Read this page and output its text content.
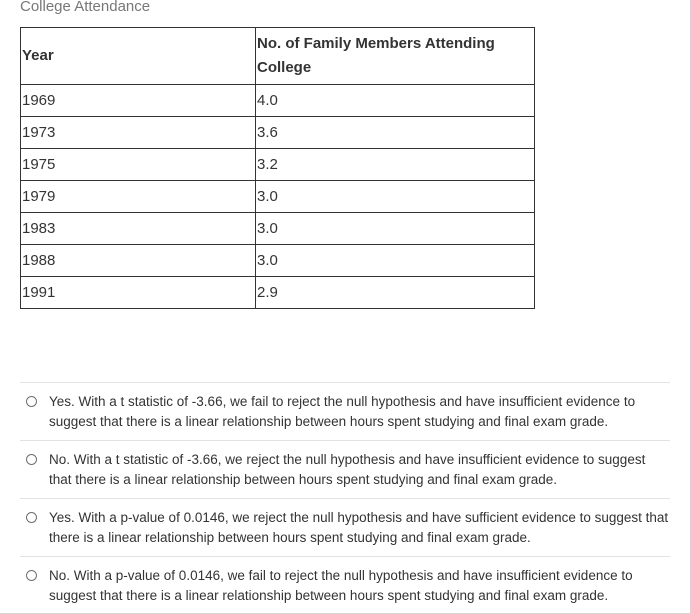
College Attendance
Year	No. of Family Members Attending College
1969	4.0
1973	3.6
1975	3.2
1979	3.0
1983	3.0
1988	3.0
1991	2.9
Yes. With a t statistic of -3.66, we fail to reject the null hypothesis and have insufficient evidence to suggest that there is a linear relationship between hours spent studying and final exam grade.
No. With a t statistic of -3.66, we reject the null hypothesis and have insufficient evidence to suggest that there is a linear relationship between hours spent studying and final exam grade.
Yes. With a p-value of 0.0146, we reject the null hypothesis and have sufficient evidence to suggest that there is a linear relationship between hours spent studying and final exam grade.
No. With a p-value of 0.0146, we fail to reject the null hypothesis and have insufficient evidence to suggest that there is a linear relationship between hours spent studying and final exam grade.
